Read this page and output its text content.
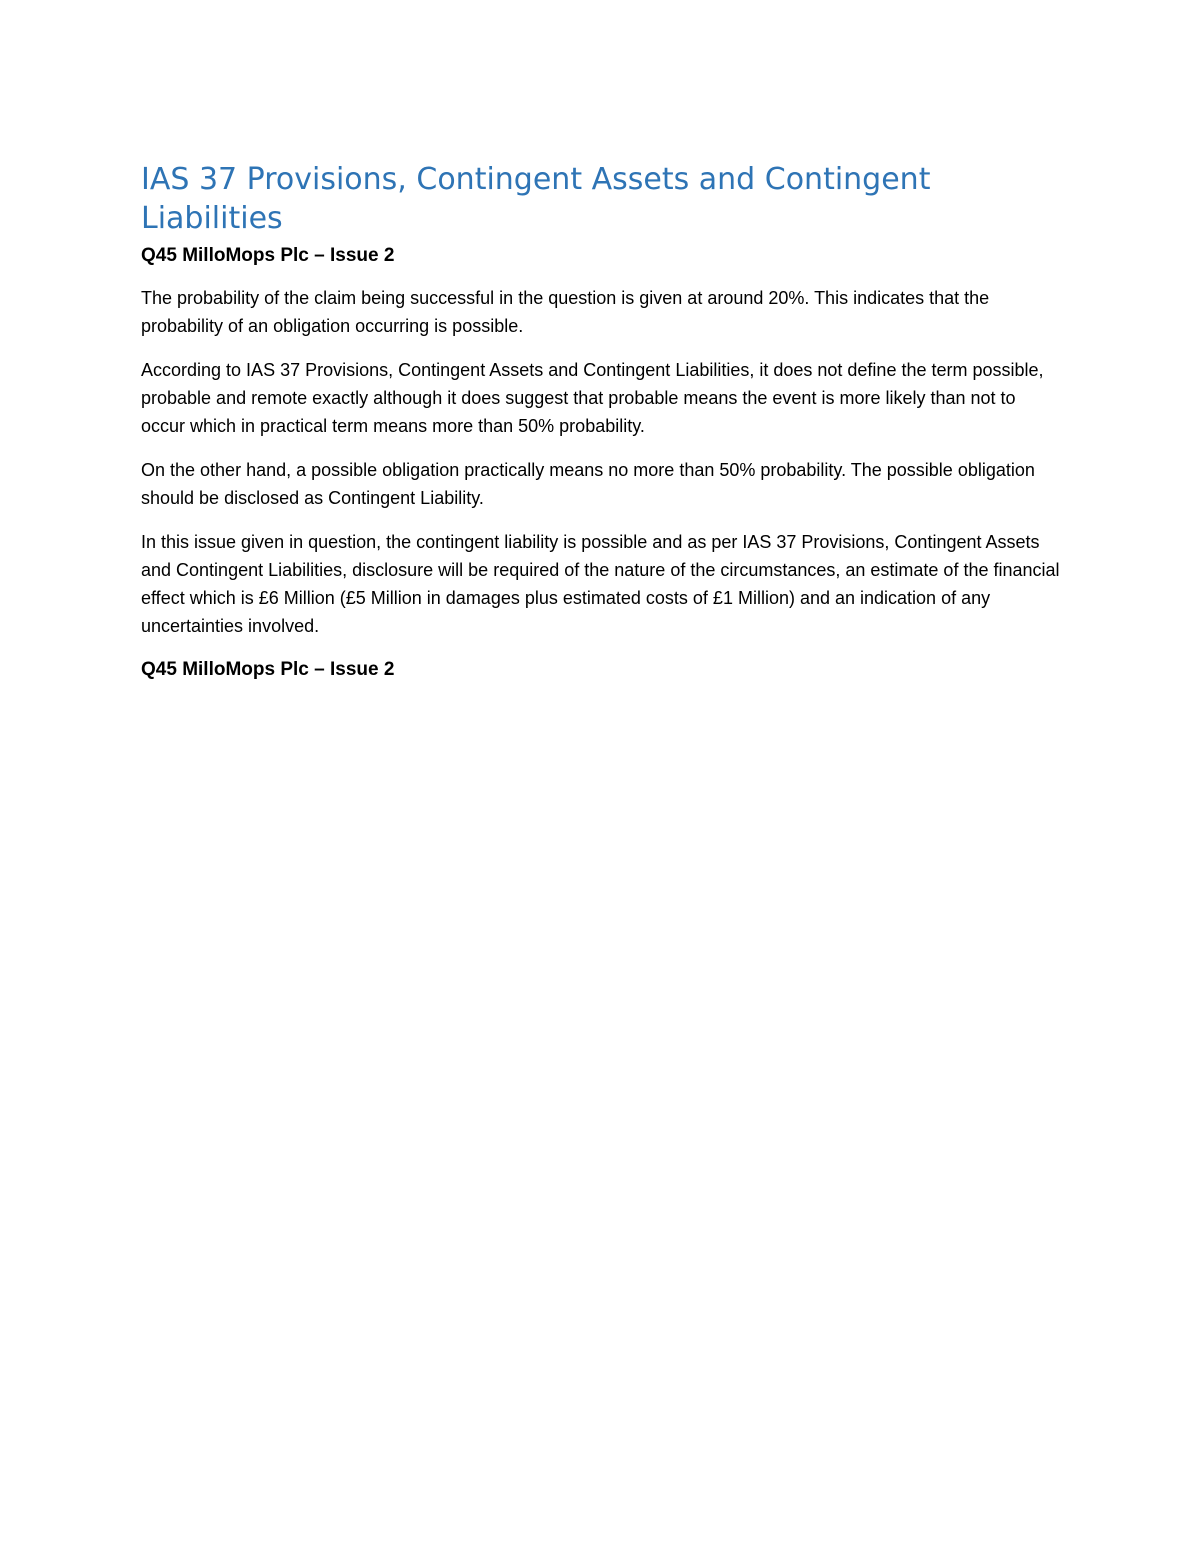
IAS 37 Provisions, Contingent Assets and Contingent Liabilities
Q45 MilloMops Plc – Issue 2

The probability of the claim being successful in the question is given at around 20%. This indicates that the probability of an obligation occurring is possible.

According to IAS 37 Provisions, Contingent Assets and Contingent Liabilities, it does not define the term possible, probable and remote exactly although it does suggest that probable means the event is more likely than not to occur which in practical term means more than 50% probability.

On the other hand, a possible obligation practically means no more than 50% probability. The possible obligation should be disclosed as Contingent Liability.

In this issue given in question, the contingent liability is possible and as per IAS 37 Provisions, Contingent Assets and Contingent Liabilities, disclosure will be required of the nature of the circumstances, an estimate of the financial effect which is £6 Million (£5 Million in damages plus estimated costs of £1 Million) and an indication of any uncertainties involved.

Q45 MilloMops Plc – Issue 2
